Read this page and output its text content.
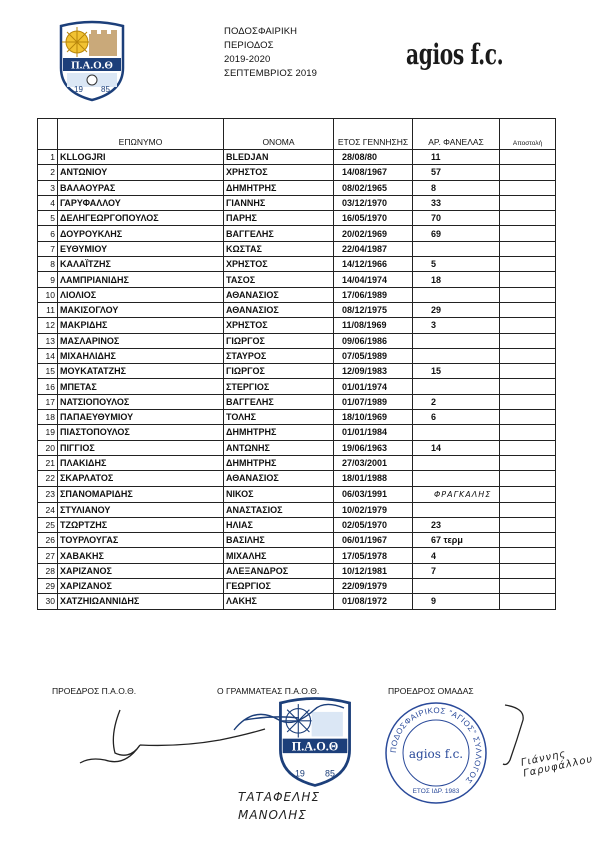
Π.Α.Ο.Θ
19 85
ΠΟΔΟΣΦΑΙΡΙΚΗ
ΠΕΡΙΟΔΟΣ
2019-2020
ΣΕΠΤΕΜΒΡΙΟΣ 2019
agios f.c.
	ΕΠΩΝΥΜΟ	ΟΝΟΜΑ	ΕΤΟΣ ΓΕΝΝΗΣΗΣ	ΑΡ. ΦΑΝΕΛΑΣ	Αποστολή
1	KLLOGJRI	BLEDJAN	28/08/80	11	
2	ΑΝΤΩΝΙΟΥ	ΧΡΗΣΤΟΣ	14/08/1967	57	
3	ΒΑΛΑΟΥΡΑΣ	ΔΗΜΗΤΡΗΣ	08/02/1965	8	
4	ΓΑΡΥΦΑΛΛΟΥ	ΓΙΑΝΝΗΣ	03/12/1970	33	
5	ΔΕΛΗΓΕΩΡΓΟΠΟΥΛΟΣ	ΠΑΡΗΣ	16/05/1970	70	
6	ΔΟΥΡΟΥΚΛΗΣ	ΒΑΓΓΕΛΗΣ	20/02/1969	69	
7	ΕΥΘΥΜΙΟΥ	ΚΩΣΤΑΣ	22/04/1987		
8	ΚΑΛΑΪΤΖΗΣ	ΧΡΗΣΤΟΣ	14/12/1966	5	
9	ΛΑΜΠΡΙΑΝΙΔΗΣ	ΤΑΣΟΣ	14/04/1974	18	
10	ΛΙΟΛΙΟΣ	ΑΘΑΝΑΣΙΟΣ	17/06/1989		
11	ΜΑΚΙΣΟΓΛΟΥ	ΑΘΑΝΑΣΙΟΣ	08/12/1975	29	
12	ΜΑΚΡΙΔΗΣ	ΧΡΗΣΤΟΣ	11/08/1969	3	
13	ΜΑΣΛΑΡΙΝΟΣ	ΓΙΩΡΓΟΣ	09/06/1986		
14	ΜΙΧΑΗΛΙΔΗΣ	ΣΤΑΥΡΟΣ	07/05/1989		
15	ΜΟΥΚΑΤΑΤΖΗΣ	ΓΙΩΡΓΟΣ	12/09/1983	15	
16	ΜΠΕΤΑΣ	ΣΤΕΡΓΙΟΣ	01/01/1974		
17	ΝΑΤΣΙΟΠΟΥΛΟΣ	ΒΑΓΓΕΛΗΣ	01/07/1989	2	
18	ΠΑΠΑΕΥΘΥΜΙΟΥ	ΤΟΛΗΣ	18/10/1969	6	
19	ΠΙΑΣΤΟΠΟΥΛΟΣ	ΔΗΜΗΤΡΗΣ	01/01/1984		
20	ΠΙΓΓΙΟΣ	ΑΝΤΩΝΗΣ	19/06/1963	14	
21	ΠΛΑΚΙΔΗΣ	ΔΗΜΗΤΡΗΣ	27/03/2001		
22	ΣΚΑΡΛΑΤΟΣ	ΑΘΑΝΑΣΙΟΣ	18/01/1988		
23	ΣΠΑΝΟΜΑΡΙΔΗΣ	ΝΙΚΟΣ	06/03/1991	ΦΡΑΓΚΑΛΗΣ	
24	ΣΤΥΛΙΑΝΟΥ	ΑΝΑΣΤΑΣΙΟΣ	10/02/1979		
25	ΤΖΩΡΤΖΗΣ	ΗΛΙΑΣ	02/05/1970	23	
26	ΤΟΥΡΛΟΥΓΑΣ	ΒΑΣΙΛΗΣ	06/01/1967	67 τερμ	
27	ΧΑΒΑΚΗΣ	ΜΙΧΑΛΗΣ	17/05/1978	4	
28	ΧΑΡΙΖΑΝΟΣ	ΑΛΕΞΑΝΔΡΟΣ	10/12/1981	7	
29	ΧΑΡΙΖΑΝΟΣ	ΓΕΩΡΓΙΟΣ	22/09/1979		
30	ΧΑΤΖΗΙΩΑΝΝΙΔΗΣ	ΛΑΚΗΣ	01/08/1972	9	
ΠΡΟΕΔΡΟΣ Π.Α.Ο.Θ.	Ο ΓΡΑΜΜΑΤΕΑΣ Π.Α.Ο.Θ.	ΠΡΟΕΔΡΟΣ ΟΜΑΔΑΣ
Π.Α.Ο.Θ
19	85
ΤΑΤΑΦΕΛΗΣ
ΜΑΝΟΛΗΣ
ΠΟΔΟΣΦΑΙΡΙΚΟΣ “ΑΓΙΟΣ” ΣΥΛΛΟΓΟΣ
agios f.c.
ΕΤΟΣ ΙΔΡ. 1983
Γιάννης Γαρυφάλλου
